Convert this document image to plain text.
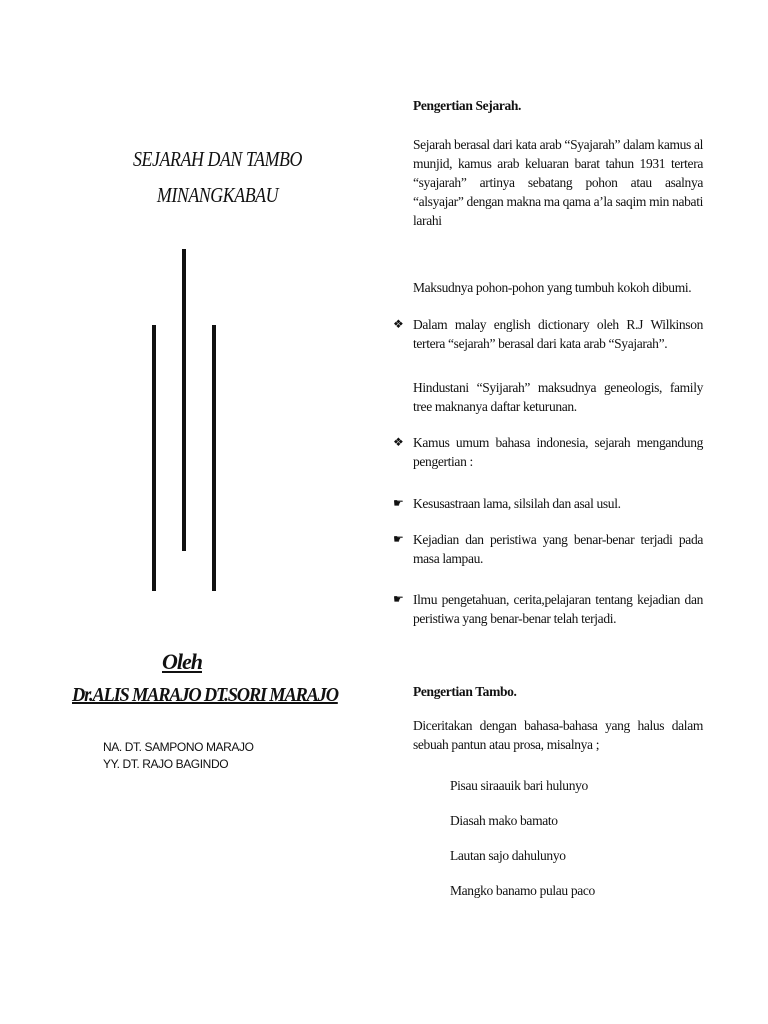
SEJARAH DAN TAMBO
MINANGKABAU
Oleh
Dr.ALIS MARAJO DT.SORI MARAJO
NA. DT. SAMPONO MARAJO
YY. DT. RAJO BAGINDO
Pengertian Sejarah.
Sejarah berasal dari kata arab “Syajarah” dalam kamus al munjid, kamus arab keluaran barat tahun 1931 tertera “syajarah” artinya sebatang pohon atau asalnya “alsyajar” dengan makna ma qama a’la saqim min nabati larahi
Maksudnya pohon-pohon yang tumbuh kokoh dibumi.
❖ Dalam malay english dictionary oleh R.J Wilkinson tertera “sejarah” berasal dari kata arab “Syajarah”.
Hindustani “Syijarah” maksudnya geneologis, family tree maknanya daftar keturunan.
❖ Kamus umum bahasa indonesia, sejarah mengandung pengertian :
☛ Kesusastraan lama, silsilah dan asal usul.
☛ Kejadian dan peristiwa yang benar-benar terjadi pada masa lampau.
☛ Ilmu pengetahuan, cerita,pelajaran tentang kejadian dan peristiwa yang benar-benar telah terjadi.
Pengertian Tambo.
Diceritakan dengan bahasa-bahasa yang halus dalam sebuah pantun atau prosa, misalnya ;
Pisau siraauik bari hulunyo
Diasah mako bamato
Lautan sajo dahulunyo
Mangko banamo pulau paco
